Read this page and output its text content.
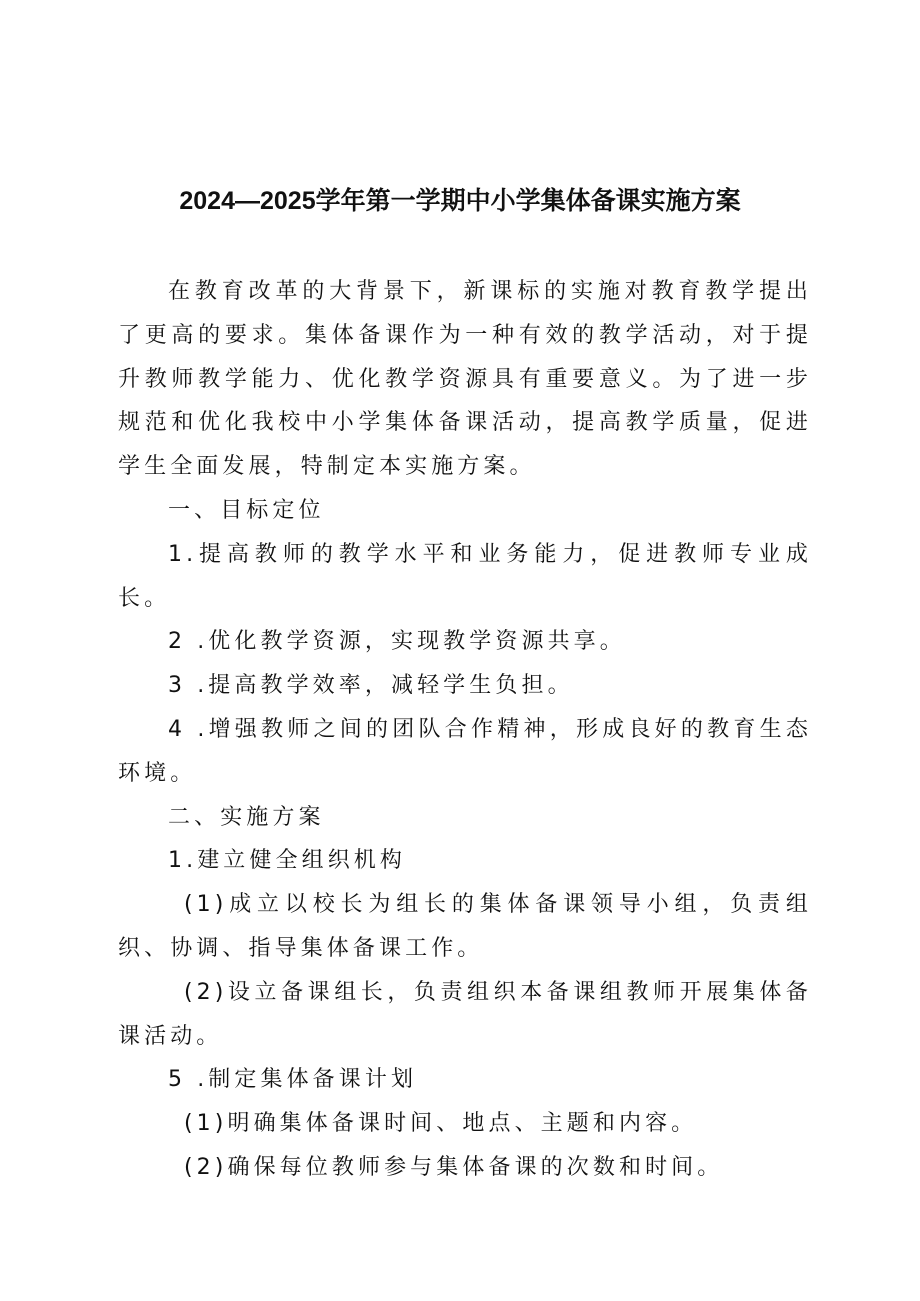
2024—2025学年第一学期中小学集体备课实施方案

在教育改革的大背景下，新课标的实施对教育教学提出了更高的要求。集体备课作为一种有效的教学活动，对于提升教师教学能力、优化教学资源具有重要意义。为了进一步规范和优化我校中小学集体备课活动，提高教学质量，促进学生全面发展，特制定本实施方案。

一、目标定位

1.提高教师的教学水平和业务能力，促进教师专业成长。

2 .优化教学资源，实现教学资源共享。

3 .提高教学效率，减轻学生负担。

4 .增强教师之间的团队合作精神，形成良好的教育生态环境。

二、实施方案

1.建立健全组织机构

(1)成立以校长为组长的集体备课领导小组，负责组织、协调、指导集体备课工作。

(2)设立备课组长，负责组织本备课组教师开展集体备课活动。

5 .制定集体备课计划

(1)明确集体备课时间、地点、主题和内容。

(2)确保每位教师参与集体备课的次数和时间。
